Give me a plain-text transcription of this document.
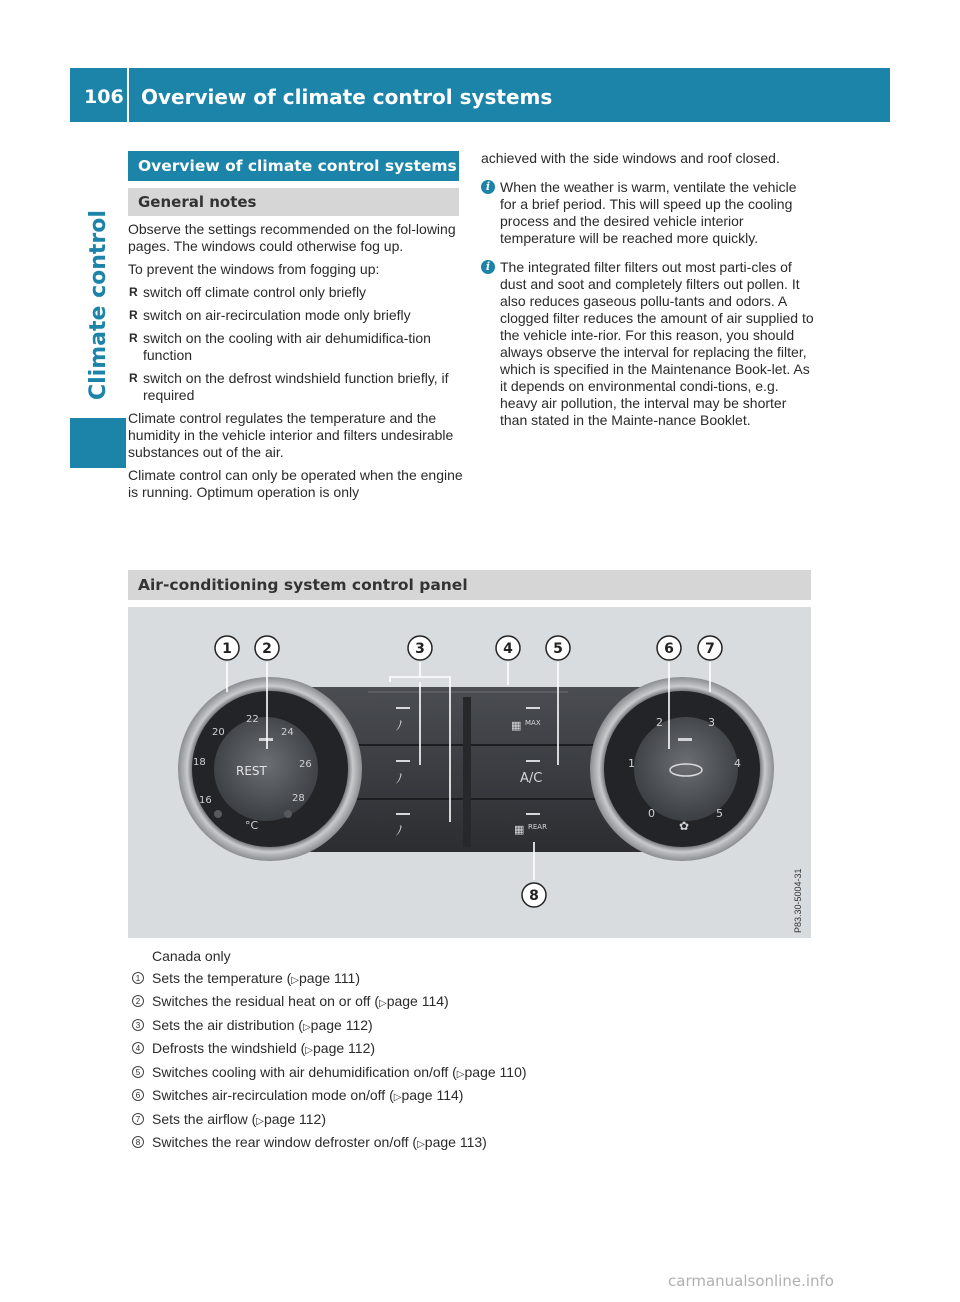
106 Overview of climate control systems
Climate control
Overview of climate control systems
General notes

Observe the settings recommended on the fol-lowing pages. The windows could otherwise fog up.

To prevent the windows from fogging up:

R switch off climate control only briefly
R switch on air-recirculation mode only briefly
R switch on the cooling with air dehumidifica-tion function
R switch on the defrost windshield function briefly, if required

Climate control regulates the temperature and the humidity in the vehicle interior and filters undesirable substances out of the air.

Climate control can only be operated when the engine is running. Optimum operation is only

achieved with the side windows and roof closed.

i When the weather is warm, ventilate the vehicle for a brief period. This will speed up the cooling process and the desired vehicle interior temperature will be reached more quickly.
i The integrated filter filters out most parti-cles of dust and soot and completely filters out pollen. It also reduces gaseous pollu-tants and odors. A clogged filter reduces the amount of air supplied to the vehicle inte-rior. For this reason, you should always observe the interval for replacing the filter, which is specified in the Maintenance Book-let. As it depends on environmental condi-tions, e.g. heavy air pollution, the interval may be shorter than stated in the Mainte-nance Booklet.
Air-conditioning system control panel
16
18
20
22
24
26
28
REST
°C
0
1
2	3
4
5
✿
▦ MAX
A/C
▦ REAR
ﾉ
ﾉ
ﾉ
1 2	3	4	5	6 7
8	P83.30-5004-31
Canada only
1 Sets the temperature (▷page 111)
2 Switches the residual heat on or off (▷page 114)
3 Sets the air distribution (▷page 112)
4 Defrosts the windshield (▷page 112)
5 Switches cooling with air dehumidification on/off (▷page 110)
6 Switches air-recirculation mode on/off (▷page 114)
7 Sets the airflow (▷page 112)
8 Switches the rear window defroster on/off (▷page 113)
carmanualsonline.info
